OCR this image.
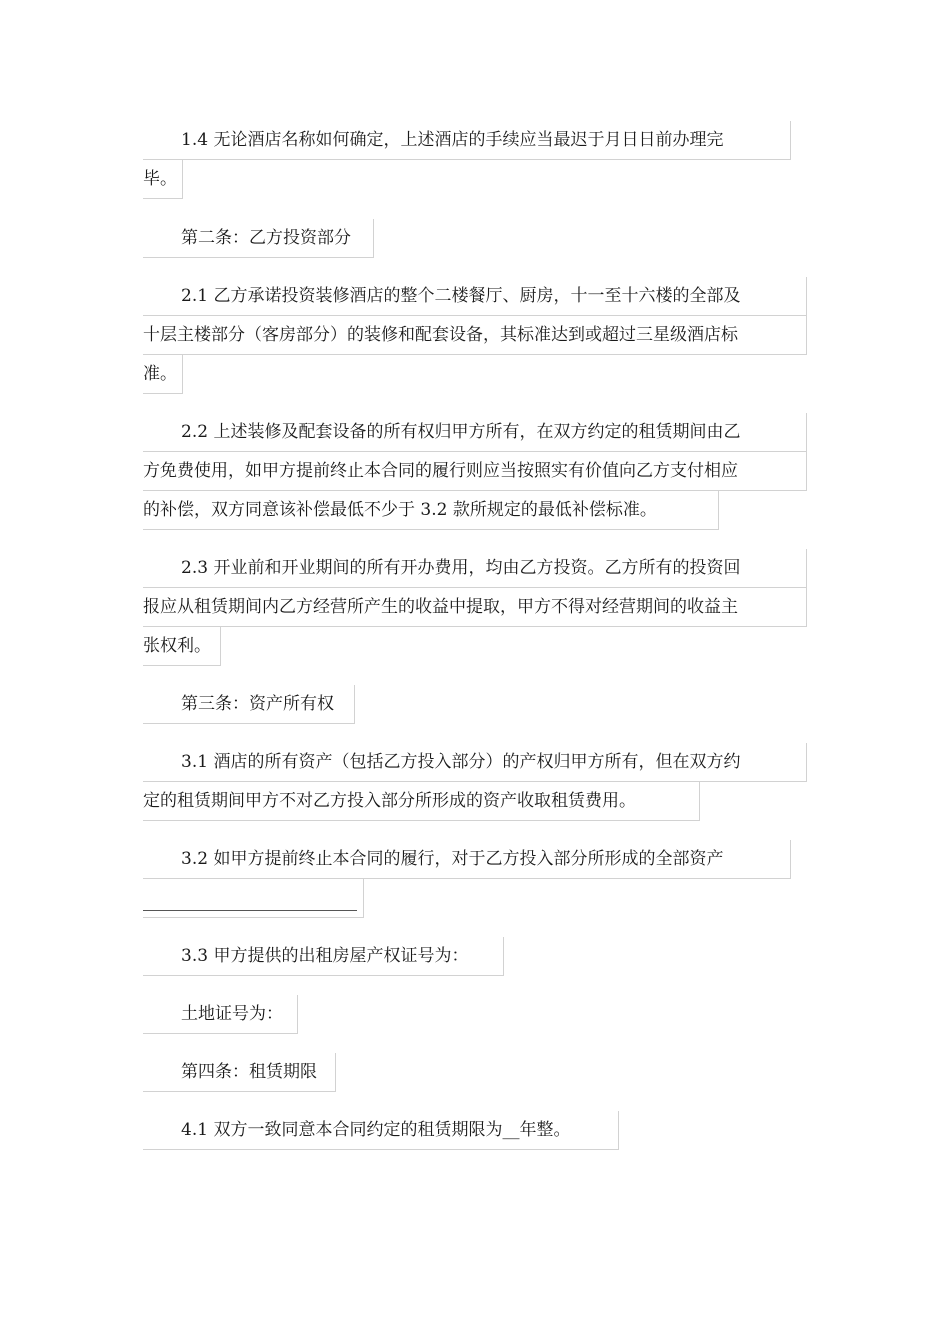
1.4 无论酒店名称如何确定，上述酒店的手续应当最迟于月日日前办理完
毕。
第二条：乙方投资部分
2.1 乙方承诺投资装修酒店的整个二楼餐厅、厨房，十一至十六楼的全部及
十层主楼部分（客房部分）的装修和配套设备，其标准达到或超过三星级酒店标
准。
2.2 上述装修及配套设备的所有权归甲方所有，在双方约定的租赁期间由乙
方免费使用，如甲方提前终止本合同的履行则应当按照实有价值向乙方支付相应
的补偿，双方同意该补偿最低不少于 3.2 款所规定的最低补偿标准。
2.3 开业前和开业期间的所有开办费用，均由乙方投资。乙方所有的投资回
报应从租赁期间内乙方经营所产生的收益中提取，甲方不得对经营期间的收益主
张权利。
第三条：资产所有权
3.1 酒店的所有资产（包括乙方投入部分）的产权归甲方所有，但在双方约
定的租赁期间甲方不对乙方投入部分所形成的资产收取租赁费用。
3.2 如甲方提前终止本合同的履行，对于乙方投入部分所形成的全部资产
3.3 甲方提供的出租房屋产权证号为：
土地证号为：
第四条：租赁期限
4.1 双方一致同意本合同约定的租赁期限为__年整。
